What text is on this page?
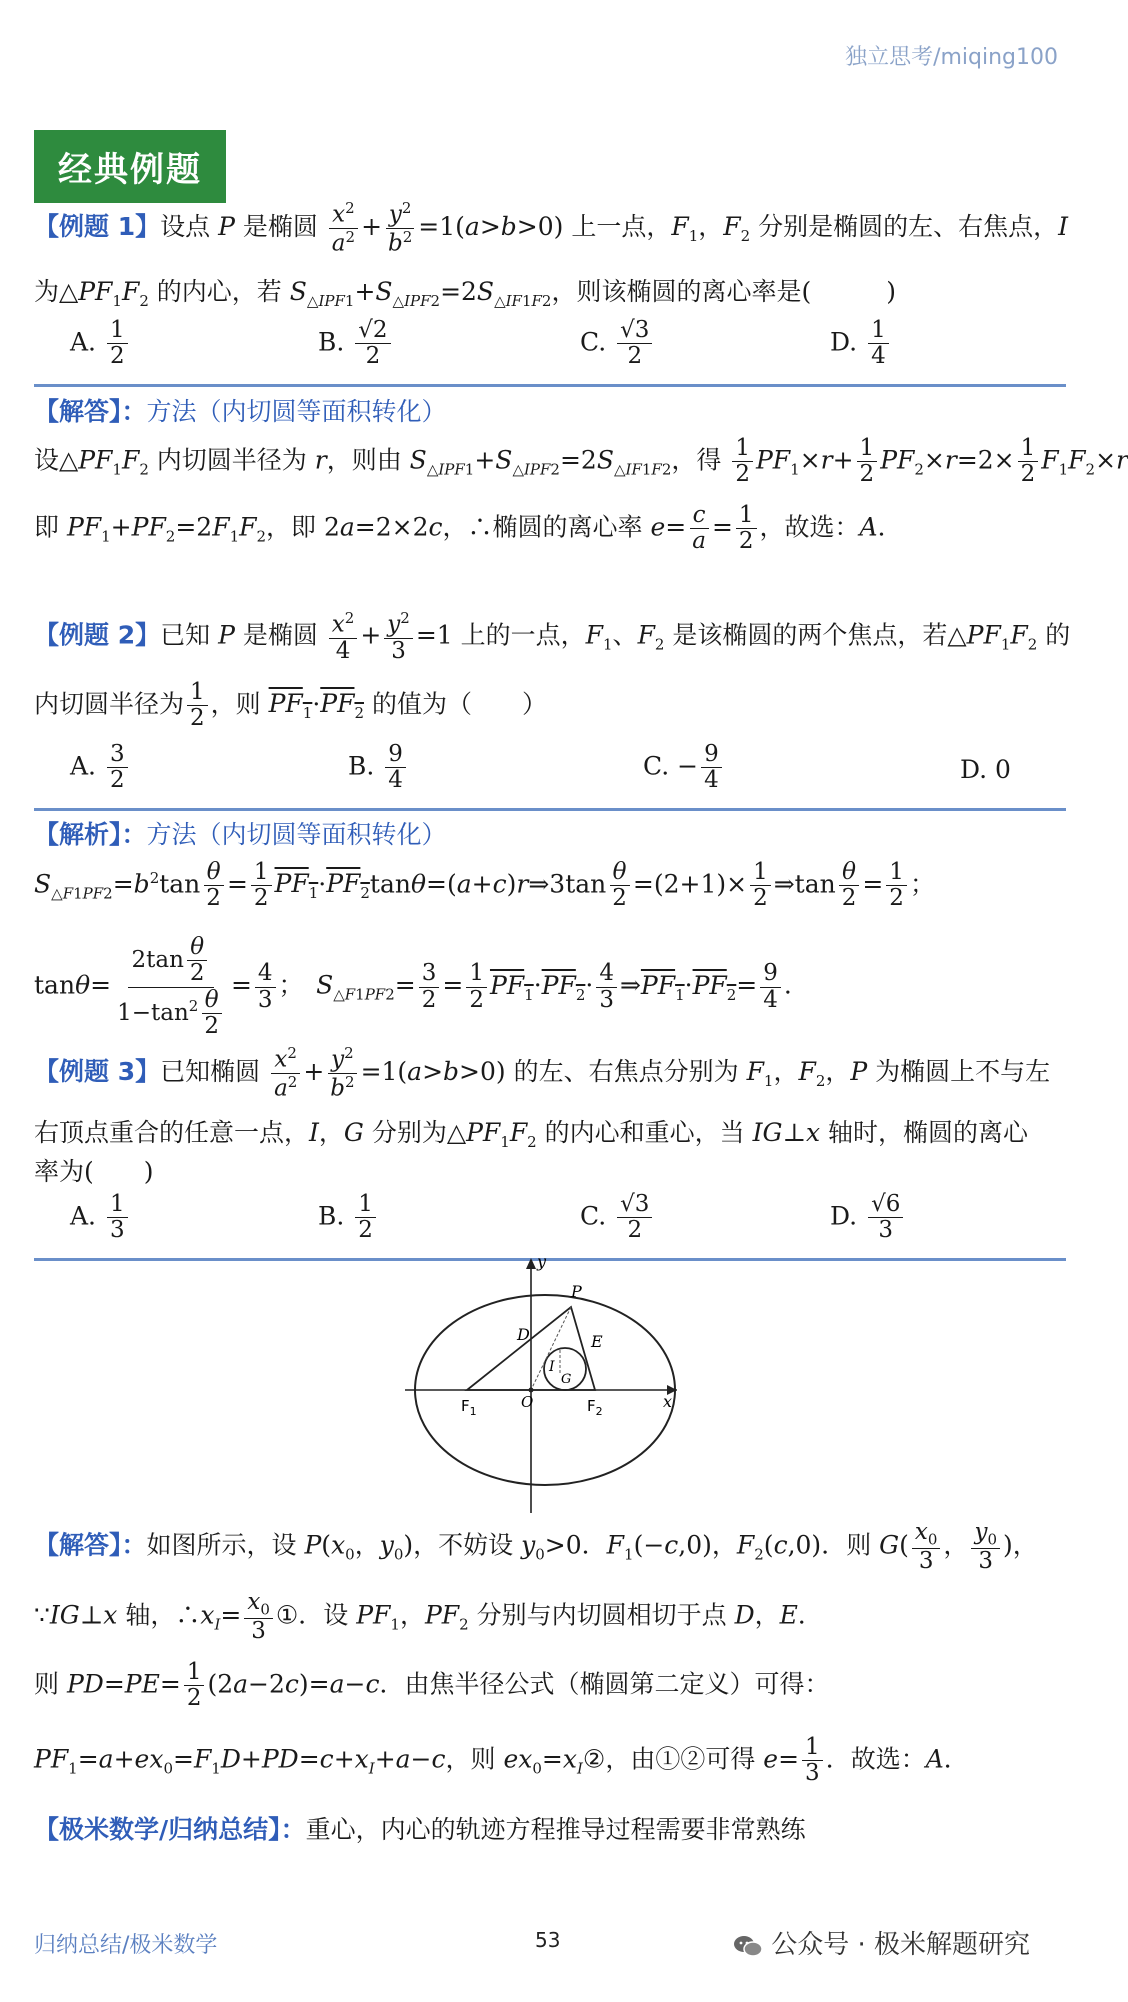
独立思考/miqing100
经典例题
【例题 1】设点 P 是椭圆 $\frac{x^2}{a^2} + \frac{y^2}{b^2} =1(a>b>0)$ 上一点，$F_1$，$F_2$ 分别是椭圆的左、右焦点，I
为$\triangle PF_1F_2$ 的内心，若 $S_{\triangle IPF1}+S_{\triangle IPF2}=2S_{\triangle IF1F2}$，则该椭圆的离心率是(　　　)
A. $\frac{1}{2}$	B. $\frac{√2}{2}$	C. $\frac{√3}{2}$	D. $\frac{1}{4}$
【解答】：方法（内切圆等面积转化）
设$\triangle PF_1F_2$ 内切圆半径为 r，则由 $S_{\triangle IPF1}+S_{\triangle IPF2}=2S_{\triangle IF1F2}$，得 $\frac{1}{2} PF_1\times r+ \frac{1}{2} PF_2\times r=2\times \frac{1}{2} F_1F_2\times r$
即 $PF_1+PF_2=2F_1F_2$，即 2a=2×2c，∴椭圆的离心率 $e= \frac{c}{a} = \frac{1}{2}$ ，故选：A．
【例题 2】已知 P 是椭圆 $\frac{x^2}{4} + \frac{y^2}{3} =1$ 上的一点，$F_1$、$F_2$ 是该椭圆的两个焦点，若$\triangle PF_1F_2$ 的
内切圆半径为 $\frac{1}{2}$ ，则 $PF_1\cdot PF_2$ 的值为（　　）
A. $\frac{3}{2}$	B. $\frac{9}{4}$	C. − $\frac{9}{4}$	D. 0
【解析】：方法（内切圆等面积转化）
$S_{\triangle F1PF2}=b^2\tan \frac{\theta}{2} = \frac{1}{2}$ $PF_1\cdot PF_2\tan\theta=(a+c)r\Rightarrow 3\tan \frac{\theta}{2} =(2+1)\times \frac{1}{2}$ ⇒tan $\frac{\theta}{2} = \frac{1}{2}$ ；
$\tan\theta= \frac{2\tan \frac{\theta}{2}}{1-\tan^2 \frac{\theta}{2}} = \frac{4}{3}$ ；　$S_{\triangle F1PF2}= \frac{3}{2} = \frac{1}{2} PF_1\cdot PF_2\cdot \frac{4}{3}$ $\Rightarrow PF_1\cdot PF_2= \frac{9}{4}$ .
【例题 3】已知椭圆 $\frac{x^2}{a^2} + \frac{y^2}{b^2} =1(a>b>0)$ 的左、右焦点分别为 $F_1$，$F_2$，P 为椭圆上不与左
右顶点重合的任意一点，I，G 分别为$\triangle PF_1F_2$ 的内心和重心，当 IG⊥x 轴时，椭圆的离心
率为(　　)
A. $\frac{1}{3}$	B. $\frac{1}{2}$	C. $\frac{√3}{2}$	D. $\frac{√6}{3}$
y
x
P
D	E
I
G
O
$F_1$	$F_2$
【解答】：如图所示，设 $P(x_0$，$y_0$)，不妨设 $y_0>0$．$F_1(-c,0)$，$F_2(c,0)$．则 $G( \frac{x_0}{3}$ ， $\frac{y_0}{3}$ )，
∵IG⊥x 轴，$\therefore x_I= \frac{x_0}{3}$ ①．设 $PF_1$，$PF_2$ 分别与内切圆相切于点 D，E．
则 $PD=PE= \frac{1}{2} (2a-2c)=a-c$．由焦半径公式（椭圆第二定义）可得：
$PF_1=a+ex_0=F_1D+PD=c+x_I+a-c$，则 $ex_0=x_I②$，由①②可得 $e= \frac{1}{3}$ ．故选：A．
【极米数学/归纳总结】：重心，内心的轨迹方程推导过程需要非常熟练
归纳总结/极米数学	53	公众号 · 极米解题研究
